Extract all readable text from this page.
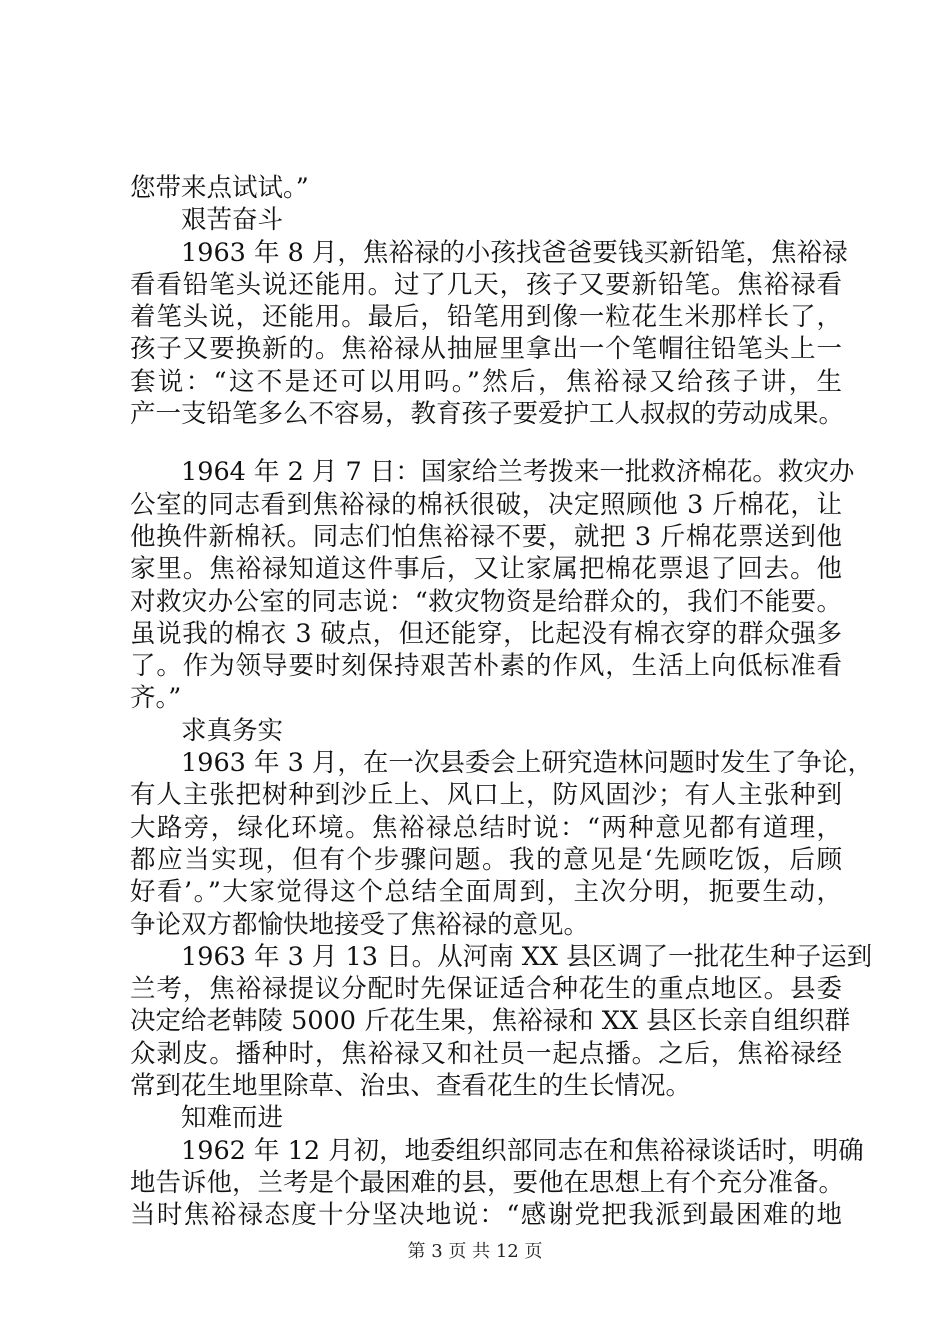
您带来点试试。”
艰苦奋斗
1963 年 8 月，焦裕禄的小孩找爸爸要钱买新铅笔，焦裕禄
看看铅笔头说还能用。过了几天，孩子又要新铅笔。焦裕禄看
着笔头说，还能用。最后，铅笔用到像一粒花生米那样长了，
孩子又要换新的。焦裕禄从抽屉里拿出一个笔帽往铅笔头上一
套说：“这不是还可以用吗。”然后，焦裕禄又给孩子讲，生
产一支铅笔多么不容易，教育孩子要爱护工人叔叔的劳动成果。
1964 年 2 月 7 日：国家给兰考拨来一批救济棉花。救灾办
公室的同志看到焦裕禄的棉袄很破，决定照顾他 3 斤棉花，让
他换件新棉袄。同志们怕焦裕禄不要，就把 3 斤棉花票送到他
家里。焦裕禄知道这件事后，又让家属把棉花票退了回去。他
对救灾办公室的同志说：“救灾物资是给群众的，我们不能要。
虽说我的棉衣 3 破点，但还能穿，比起没有棉衣穿的群众强多
了。作为领导要时刻保持艰苦朴素的作风，生活上向低标准看
齐。”
求真务实
1963 年 3 月，在一次县委会上研究造林问题时发生了争论，
有人主张把树种到沙丘上、风口上，防风固沙；有人主张种到
大路旁，绿化环境。焦裕禄总结时说：“两种意见都有道理，
都应当实现，但有个步骤问题。我的意见是‘先顾吃饭，后顾
好看’。”大家觉得这个总结全面周到，主次分明，扼要生动，
争论双方都愉快地接受了焦裕禄的意见。
1963 年 3 月 13 日。从河南 XX 县区调了一批花生种子运到
兰考，焦裕禄提议分配时先保证适合种花生的重点地区。县委
决定给老韩陵 5000 斤花生果，焦裕禄和 XX 县区长亲自组织群
众剥皮。播种时，焦裕禄又和社员一起点播。之后，焦裕禄经
常到花生地里除草、治虫、查看花生的生长情况。
知难而进
1962 年 12 月初，地委组织部同志在和焦裕禄谈话时，明确
地告诉他，兰考是个最困难的县，要他在思想上有个充分准备。
当时焦裕禄态度十分坚决地说：“感谢党把我派到最困难的地
第 3 页 共 12 页
